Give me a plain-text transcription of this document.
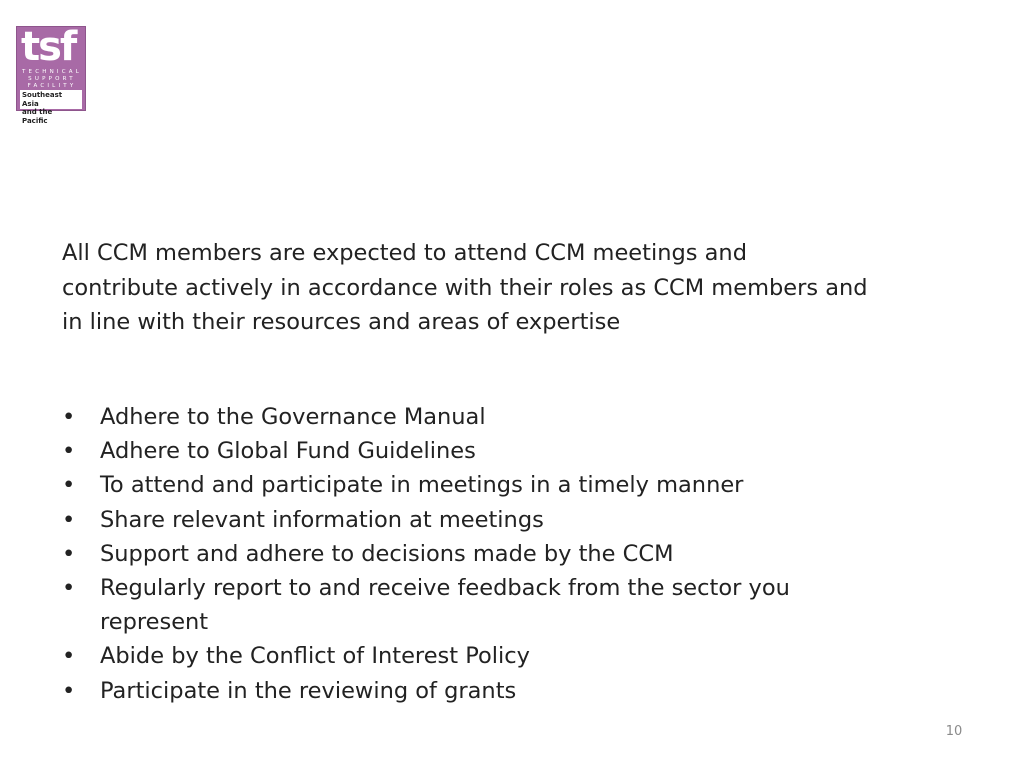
tsf
TECHNICAL
SUPPORT
FACILITY
Southeast Asia
and the Pacific

All CCM members are expected to attend CCM meetings and
contribute actively in accordance with their roles as CCM members and
in line with their resources and areas of expertise

• Adhere to the Governance Manual
• Adhere to Global Fund Guidelines
• To attend and participate in meetings in a timely manner
• Share relevant information at meetings
• Support and adhere to decisions made by the CCM
• Regularly report to and receive feedback from the sector you
represent
• Abide by the Conflict of Interest Policy
• Participate in the reviewing of grants
10
